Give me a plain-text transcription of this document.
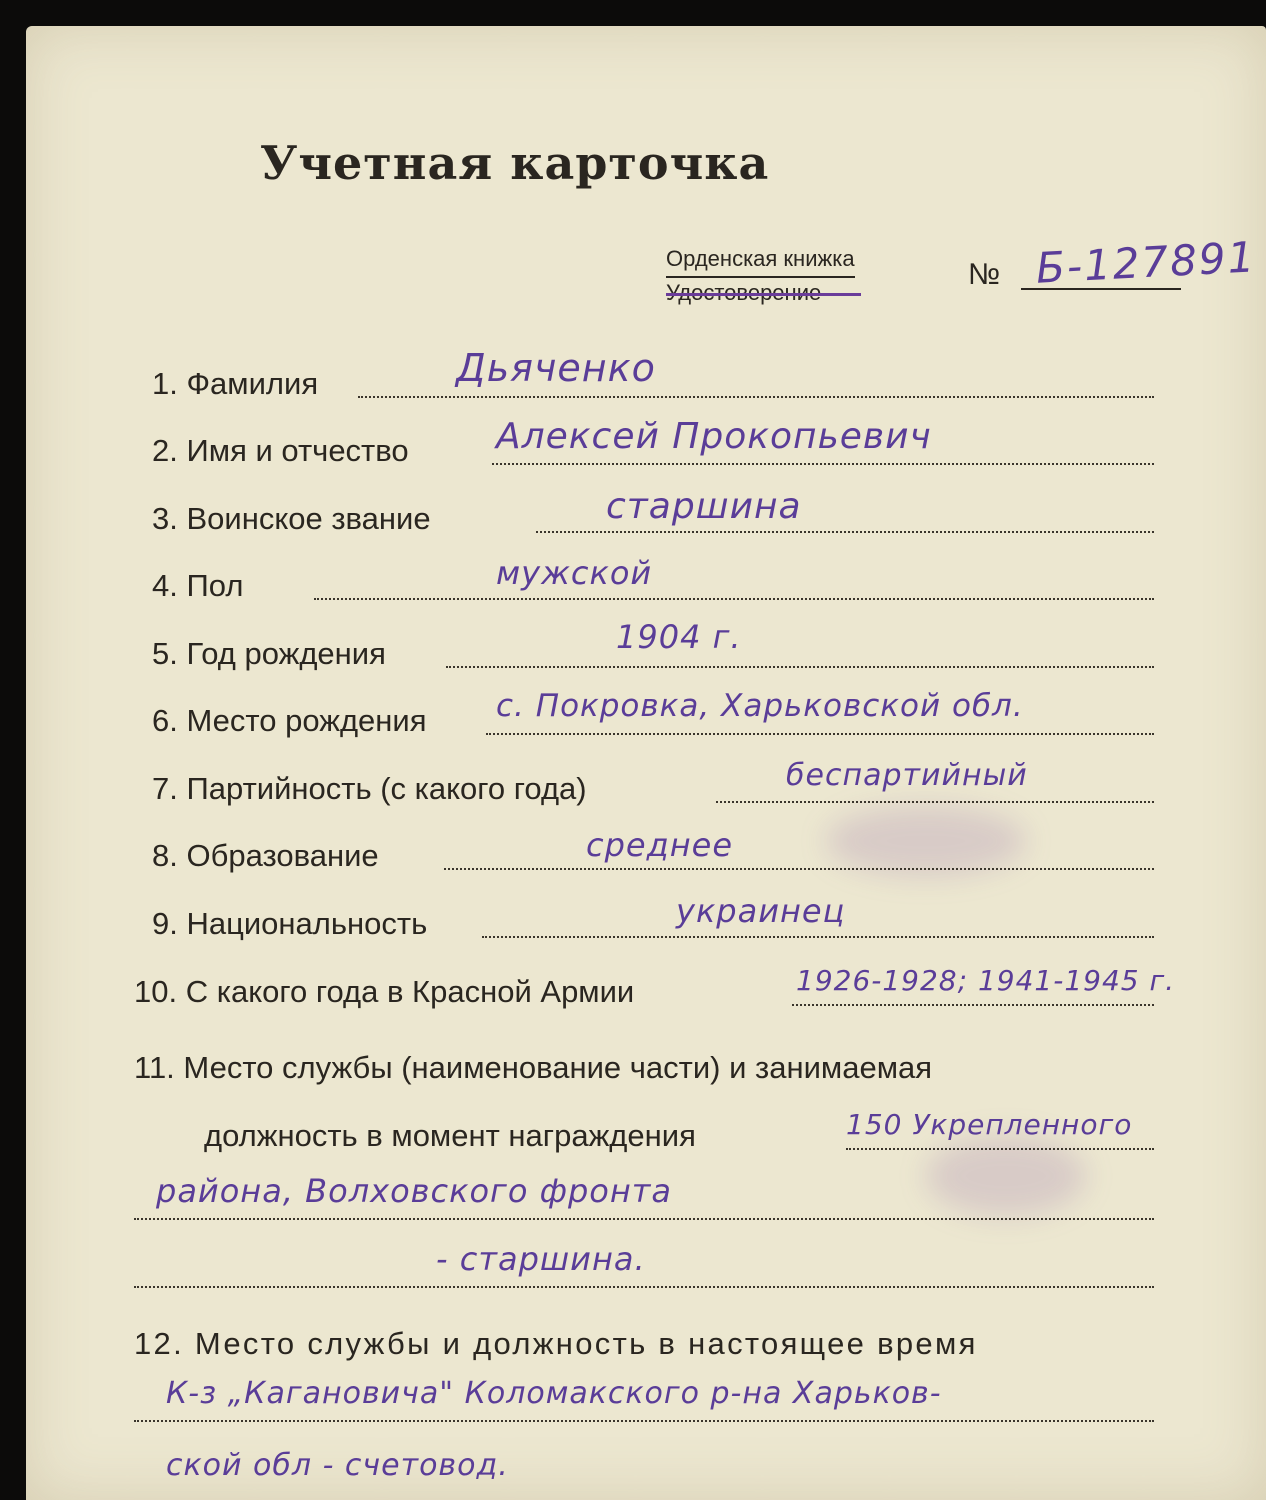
Учетная карточка
Орденская книжка
Удостоверение
№ Б-127891
1. Фамилия	Дьяченко
2. Имя и отчество Алексей Прокопьевич
3. Воинское звание	старшина
4. Пол	мужской
5. Год рождения	1904 г.
6. Место рождения с. Покровка, Харьковской обл.
7. Партийность (с какого года)	беспартийный
8. Образование	среднее
9. Национальность	украинец
10. С какого года в Красной Армии	1926-1928; 1941-1945 г.
11. Место службы (наименование части) и занимаемая
должность в момент награждения	150 Укрепленного
района, Волховского фронта
- старшина.
12. Место службы и должность в настоящее время
К-з „Кагановича" Коломакского р-на Харьков-
ской обл - счетовод.
